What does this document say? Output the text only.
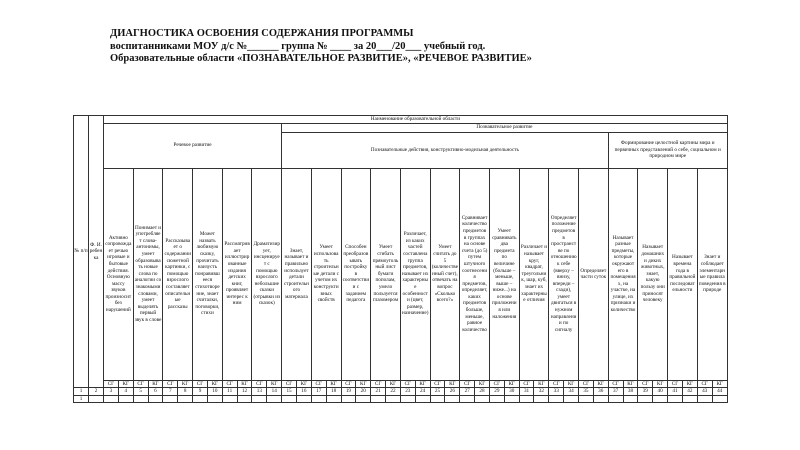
ДИАГНОСТИКА ОСВОЕНИЯ СОДЕРЖАНИЯ ПРОГРАММЫ
воспитанниками МОУ д/с №______ группа № ____ за 20___/20___ учебный год.
Образовательные области «ПОЗНАВАТЕЛЬНОЕ РАЗВИТИЕ», «РЕЧЕВОЕ РАЗВИТИЕ»
№ п/п	Ф. И. ребенка	Наименование образовательной области																																									
		Речевое развитие												Познавательное развитие																													
														Познавательные действия, конструктивно-модельная деятельность																						Формирование целостной картины мира и первичных представлений о себе, социальном и природном мире							
		Активно сопровождает речью игровые и бытовые действия. Основную массу звуков произносит без нарушений		Понимает и употребляет слова-антонимы, умеет образовывать новые слова по аналогии со знакомыми словами, умеет выделять первый звук в слове		Рассказывает о содержании сюжетной картинки, с помощью взрослого составляет описательные рассказы		Может назвать любимую сказку, прочитать наизусть понравившееся стихотворение, знает считалки, поговорки, стихи		Рассматривает иллюстрированные издания детских книг, проявляет интерес к ним		Драматизирует, инсценирует с помощью взрослого небольшие сказки (отрывки из сказок)		Знает, называет и правильно использует детали строительного материала		Умеет использовать строительные детали с учетом их конструктивных свойств		Способен преобразовывать постройку в соответствии с заданием педагога		Умеет сгибать прямоугольный лист бумаги пополам, умело пользуется глазомером		Различает, из каких частей составлена группа предметов, называет их характерные особенности (цвет, размер, назначение)		Умеет считать до 5 (количественный счет), отвечать на вопрос «Сколько всего?»		Сравнивает количество предметов в группах на основе счета (до 5) путем штучного соотнесения предметов, определяет, каких предметов больше, меньше, равное количество		Умеет сравнивать два предмета по величине (больше – меньше, выше – ниже...) на основе приложения или наложения		Различает и называет круг, квадрат, треугольник, шар, куб, знает их характерные отличия		Определяет положение предметов в пространстве по отношению к себе (вверху – внизу, впереди – сзади), умеет двигаться в нужном направлении по сигналу		Определяет части суток		Называет разные предметы, которые окружают его в помещениях, на участке, на улице, их признаки и количество		Называет домашних и диких животных, знает, какую пользу они приносят человеку		Называет времена года в правильной последовательности		Знает и соблюдает элементарные правила поведения в природе	
		СГ	КГ	СГ	КГ	СГ	КГ	СГ	КГ	СГ	КГ	СГ	КГ	СГ	КГ	СГ	КГ	СГ	КГ	СГ	КГ	СГ	КГ	СГ	КГ	СГ	КГ	СГ	КГ	СГ	КГ	СГ	КГ	СГ	КГ	СГ	КГ	СГ	КГ	СГ	КГ	СГ	КГ
1	2	3	4	5	6	7	8	9	10	11	12	13	14	15	16	17	18	19	20	21	22	23	24	25	26	27	28	29	30	31	32	33	34	35	36	37	38	39	40	41	42	43	44
1																																											
